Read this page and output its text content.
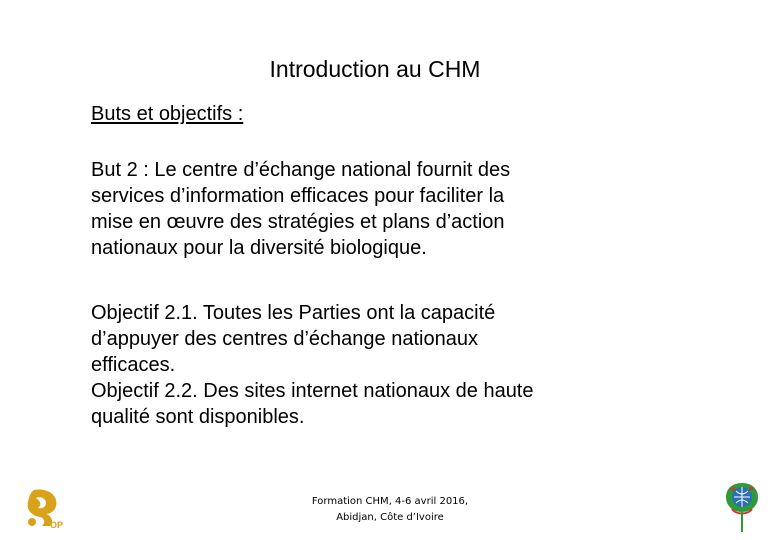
Introduction au CHM
Buts et objectifs :
But 2 : Le centre d’échange national fournit des
services d’information efficaces pour faciliter la
mise en œuvre des stratégies et plans d’action
nationaux pour la diversité biologique.
Objectif 2.1. Toutes les Parties ont la capacité
d’appuyer des centres d’échange nationaux
efficaces.
Objectif 2.2. Des sites internet nationaux de haute
qualité sont disponibles.
OP
Formation CHM, 4-6 avril 2016,
Abidjan, Côte d’Ivoire
